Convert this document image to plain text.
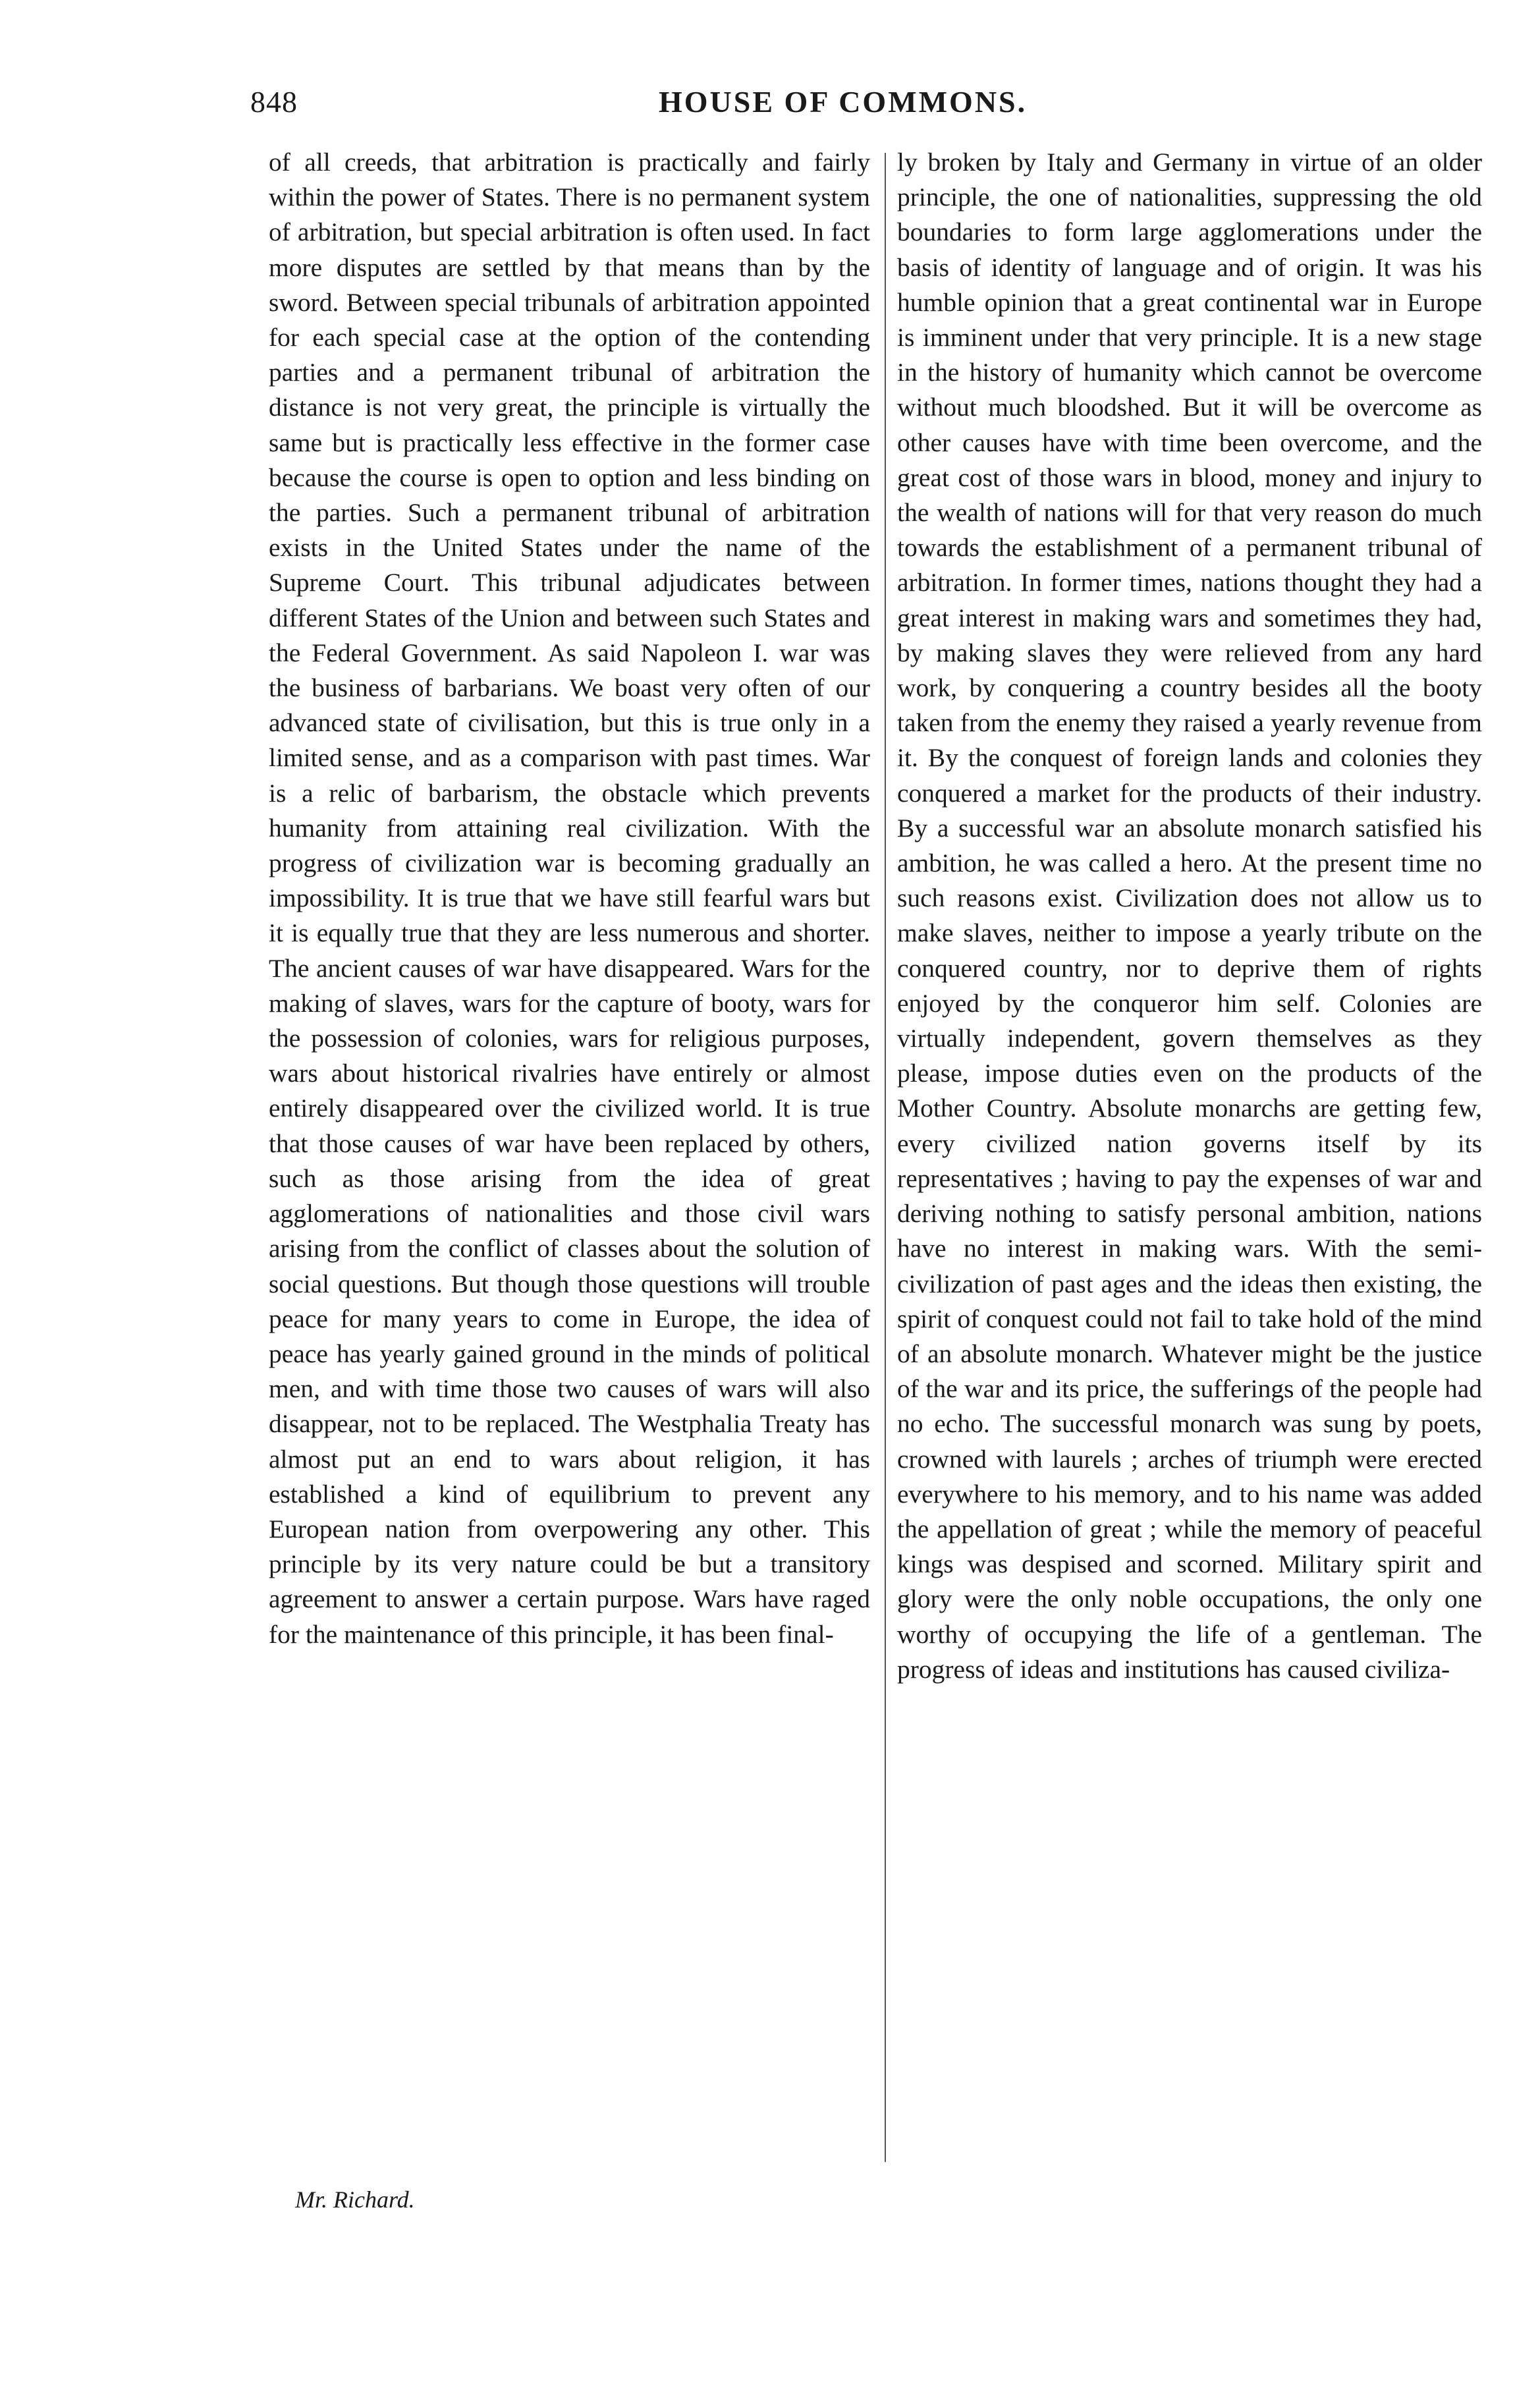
848	HOUSE OF COMMONS.

of all creeds, that arbitration is practically and fairly within the power of States. There is no permanent system of arbitration, but special arbitration is often used. In fact more disputes are settled by that means than by the sword. Between special tribunals of arbitration appointed for each special case at the option of the contending parties and a permanent tribunal of arbitration the distance is not very great, the principle is virtually the same but is practically less effective in the former case because the course is open to option and less binding on the parties. Such a permanent tribunal of arbitration exists in the United States under the name of the Supreme Court. This tribunal adjudicates between different States of the Union and between such States and the Federal Government. As said Napoleon I. war was the business of barbarians. We boast very often of our advanced state of civilisation, but this is true only in a limited sense, and as a comparison with past times. War is a relic of barbarism, the obstacle which prevents humanity from attaining real civilization. With the progress of civilization war is becoming gradually an impossibility. It is true that we have still fearful wars but it is equally true that they are less numerous and shorter. The ancient causes of war have disappeared. Wars for the making of slaves, wars for the capture of booty, wars for the possession of colonies, wars for religious purposes, wars about historical rivalries have entirely or almost entirely disappeared over the civilized world. It is true that those causes of war have been replaced by others, such as those arising from the idea of great agglomerations of nationalities and those civil wars arising from the conflict of classes about the solution of social questions. But though those questions will trouble peace for many years to come in Europe, the idea of peace has yearly gained ground in the minds of political men, and with time those two causes of wars will also disappear, not to be replaced. The Westphalia Treaty has almost put an end to wars about religion, it has established a kind of equilibrium to prevent any European nation from overpowering any other. This principle by its very nature could be but a transitory agreement to answer a certain purpose. Wars have raged for the maintenance of this principle, it has been final-

ly broken by Italy and Germany in virtue of an older principle, the one of nationalities, suppressing the old boundaries to form large agglomerations under the basis of identity of language and of origin. It was his humble opinion that a great continental war in Europe is imminent under that very principle. It is a new stage in the history of humanity which cannot be overcome without much bloodshed. But it will be overcome as other causes have with time been overcome, and the great cost of those wars in blood, money and injury to the wealth of nations will for that very reason do much towards the establishment of a permanent tribunal of arbitration. In former times, nations thought they had a great interest in making wars and sometimes they had, by making slaves they were relieved from any hard work, by conquering a country besides all the booty taken from the enemy they raised a yearly revenue from it. By the conquest of foreign lands and colonies they conquered a market for the products of their industry. By a successful war an absolute monarch satisfied his ambition, he was called a hero. At the present time no such reasons exist. Civilization does not allow us to make slaves, neither to impose a yearly tribute on the conquered country, nor to deprive them of rights enjoyed by the conqueror him self. Colonies are virtually independent, govern themselves as they please, impose duties even on the products of the Mother Country. Absolute monarchs are getting few, every civilized nation governs itself by its representatives ; having to pay the expenses of war and deriving nothing to satisfy personal ambition, nations have no interest in making wars. With the semi-civilization of past ages and the ideas then existing, the spirit of conquest could not fail to take hold of the mind of an absolute monarch. Whatever might be the justice of the war and its price, the sufferings of the people had no echo. The successful monarch was sung by poets, crowned with laurels ; arches of triumph were erected everywhere to his memory, and to his name was added the appellation of great ; while the memory of peaceful kings was despised and scorned. Military spirit and glory were the only noble occupations, the only one worthy of occupying the life of a gentleman. The progress of ideas and institutions has caused civiliza-

Mr. Richard.
